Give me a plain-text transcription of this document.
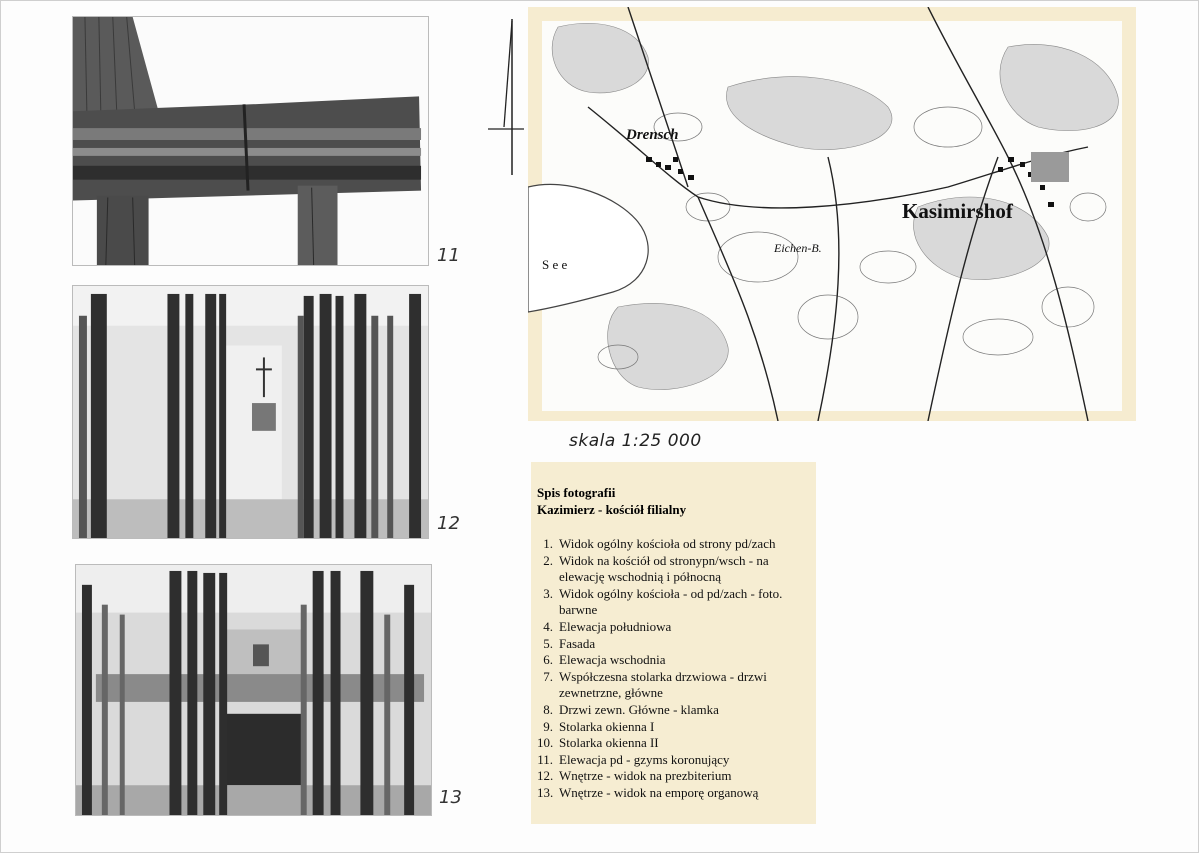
11
12
13
Drensch
Kasimirshof
S e e
Eichen-B.
skala 1:25 000
Spis fotografii
Kazimierz - kościół filialny
1. Widok ogólny kościoła od strony pd/zach
2. Widok na kościół od stronypn/wsch - na elewację wschodnią i północną
3. Widok ogólny kościoła - od pd/zach - foto. barwne
4. Elewacja południowa
5. Fasada
6. Elewacja wschodnia
7. Współczesna stolarka drzwiowa - drzwi zewnetrzne, główne
8. Drzwi zewn. Główne - klamka
9. Stolarka okienna I
10. Stolarka okienna II
11. Elewacja pd - gzyms koronujący
12. Wnętrze - widok na prezbiterium
13. Wnętrze - widok na emporę organową
